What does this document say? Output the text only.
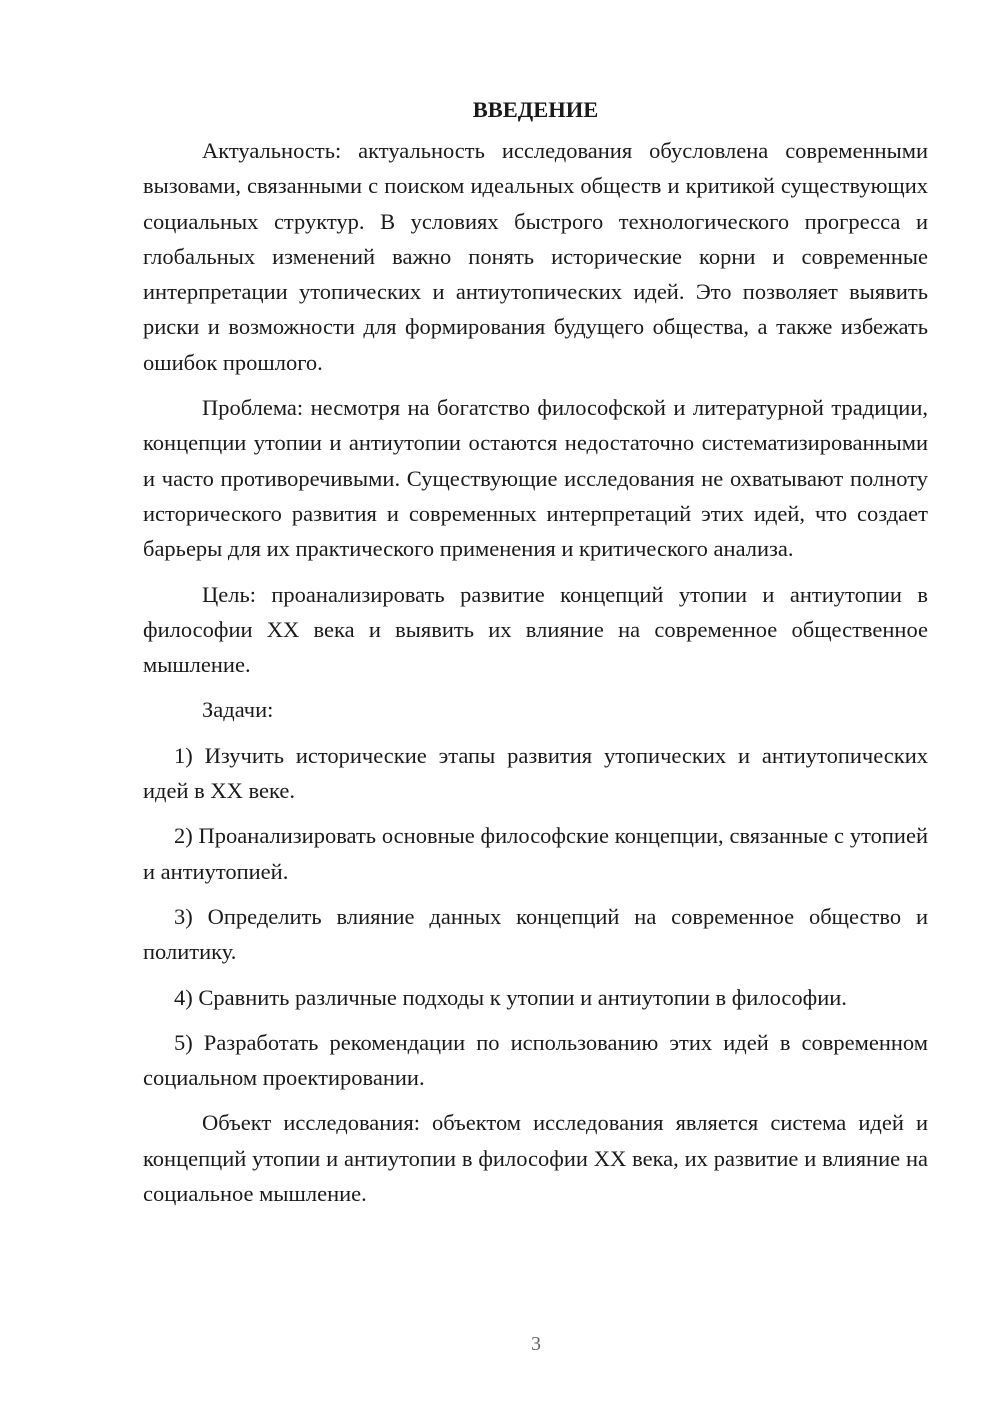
ВВЕДЕНИЕ

Актуальность: актуальность исследования обусловлена современными вызовами, связанными с поиском идеальных обществ и критикой существующих социальных структур. В условиях быстрого технологического прогресса и глобальных изменений важно понять исторические корни и современные интерпретации утопических и антиутопических идей. Это позволяет выявить риски и возможности для формирования будущего общества, а также избежать ошибок прошлого.

Проблема: несмотря на богатство философской и литературной традиции, концепции утопии и антиутопии остаются недостаточно систематизированными и часто противоречивыми. Существующие исследования не охватывают полноту исторического развития и современных интерпретаций этих идей, что создает барьеры для их практического применения и критического анализа.

Цель: проанализировать развитие концепций утопии и антиутопии в философии XX века и выявить их влияние на современное общественное мышление.

Задачи:

1) Изучить исторические этапы развития утопических и антиутопических идей в XX веке.

2) Проанализировать основные философские концепции, связанные с утопией и антиутопией.

3) Определить влияние данных концепций на современное общество и политику.

4) Сравнить различные подходы к утопии и антиутопии в философии.

5) Разработать рекомендации по использованию этих идей в современном социальном проектировании.

Объект исследования: объектом исследования является система идей и концепций утопии и антиутопии в философии XX века, их развитие и влияние на социальное мышление.

3
